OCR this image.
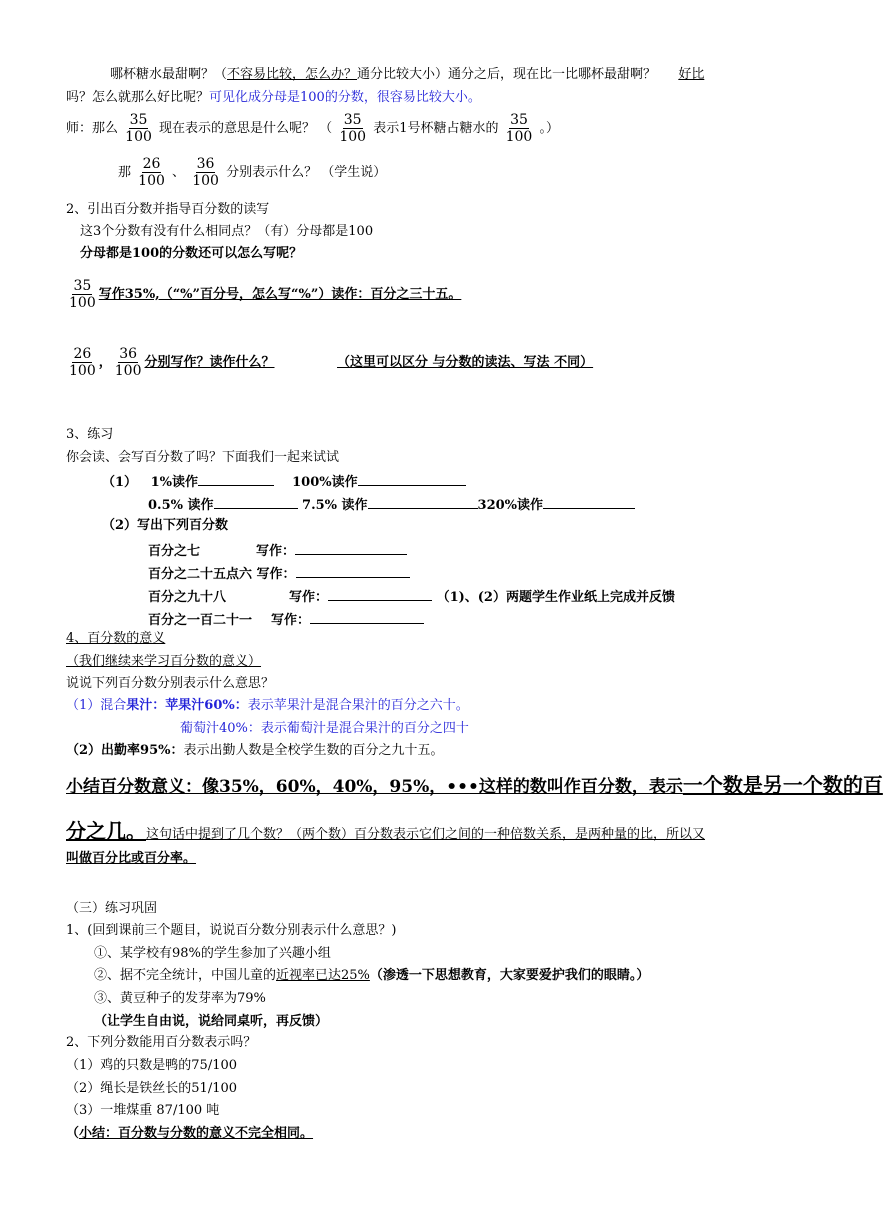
哪杯糖水最甜啊？（不容易比较，怎么办？通分比较大小）通分之后，现在比一比哪杯最甜啊？ 好比
吗？怎么就那么好比呢？可见化成分母是100的分数，很容易比较大小。
师：那么 $\frac{35}{100}$ 现在表示的意思是什么呢？ （ $\frac{35}{100}$ 表示1号杯糖占糖水的 $\frac{35}{100}$ 。）
那 $\frac{26}{100}$ 、 $\frac{36}{100}$ 分别表示什么？ （学生说）
2、引出百分数并指导百分数的读写
这3个分数有没有什么相同点？（有）分母都是100
分母都是100的分数还可以怎么写呢？
$\frac{35}{100}$ 写作35%,（“%”百分号，怎么写“%”）读作：百分之三十五。
$\frac{26}{100}$ ， $\frac{36}{100}$ 分别写作？读作什么？	（这里可以区分 与分数的读法、写法 不同）
3、练习
你会读、会写百分数了吗？下面我们一起来试试
（1） 1%读作	100%读作
0.5% 读作	7.5% 读作	320%读作
（2）写出下列百分数
百分之七	写作：
百分之二十五点六 写作：
百分之九十八	写作：	（1)、(2）两题学生作业纸上完成并反馈
百分之一百二十一 写作：
4、百分数的意义
（我们继续来学习百分数的意义）
说说下列百分数分别表示什么意思？
（1）混合果汁：苹果汁60%：表示苹果汁是混合果汁的百分之六十。
葡萄汁40%：表示葡萄汁是混合果汁的百分之四十
（2）出勤率95%：表示出勤人数是全校学生数的百分之九十五。
小结百分数意义：像35%，60%，40%，95%，•••这样的数叫作百分数，表示一个数是另一个数的百
分之几。这句话中提到了几个数？（两个数）百分数表示它们之间的一种倍数关系，是两种量的比，所以又
叫做百分比或百分率。
（三）练习巩固
1、(回到课前三个题目，说说百分数分别表示什么意思？)
①、某学校有98%的学生参加了兴趣小组
②、据不完全统计，中国儿童的近视率已达25%（渗透一下思想教育，大家要爱护我们的眼睛。）
③、黄豆种子的发芽率为79%
（让学生自由说，说给同桌听，再反馈）
2、下列分数能用百分数表示吗？
（1）鸡的只数是鸭的75/100
（2）绳长是铁丝长的51/100
（3）一堆煤重 87/100 吨
（小结：百分数与分数的意义不完全相同。
